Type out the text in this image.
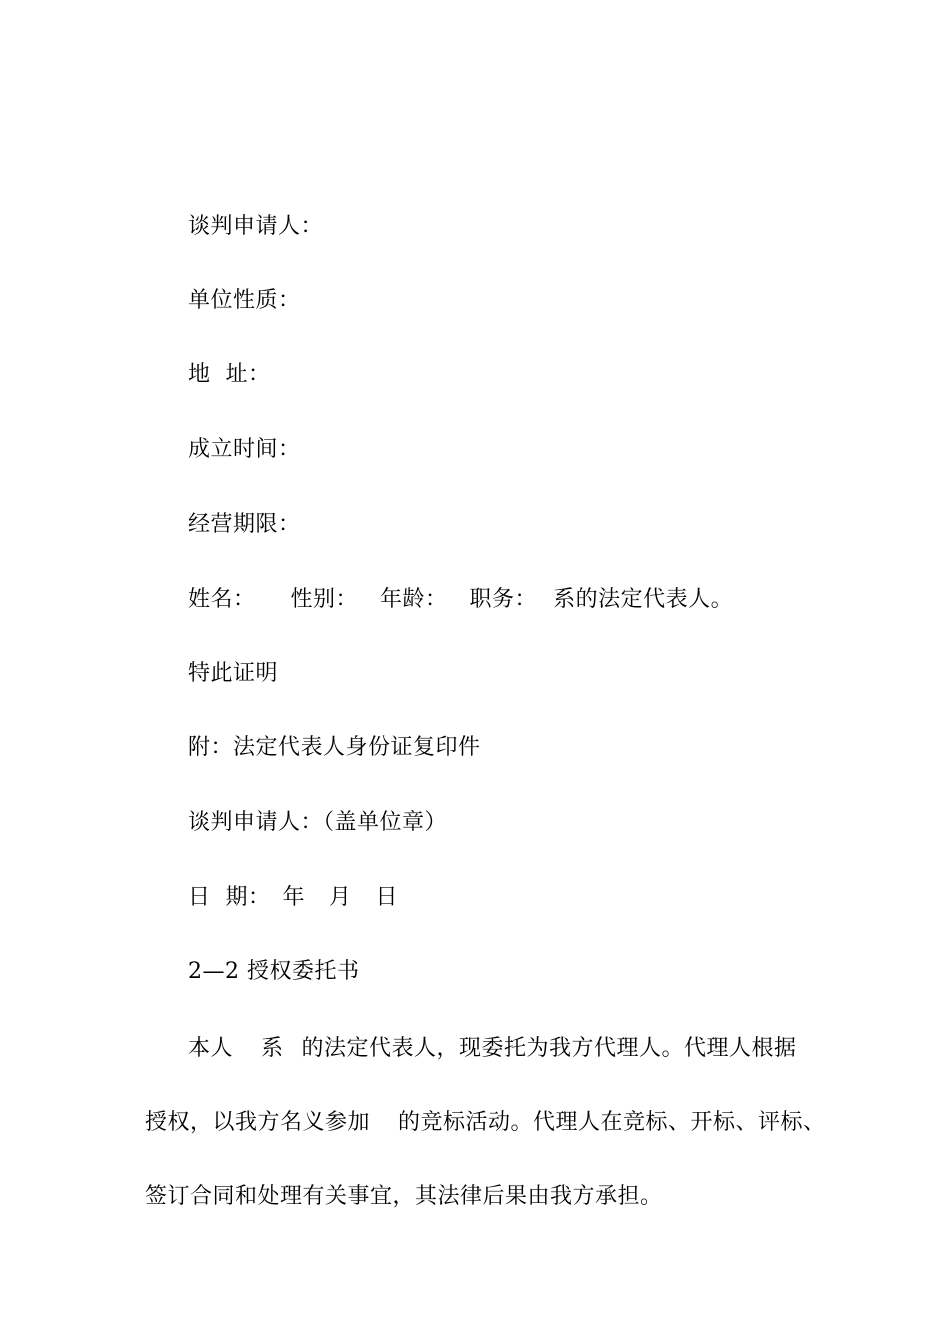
谈判申请人：
单位性质：
地  址：
成立时间：
经营期限：
姓名： 性别： 年龄： 职务： 系的法定代表人。
特此证明
附：法定代表人身份证复印件
谈判申请人：（盖单位章）
日  期： 年 月 日
2—2 授权委托书
本人 系 的法定代表人，现委托为我方代理人。代理人根据
授权，以我方名义参加 的竞标活动。代理人在竞标、开标、评标、
签订合同和处理有关事宜，其法律后果由我方承担。
